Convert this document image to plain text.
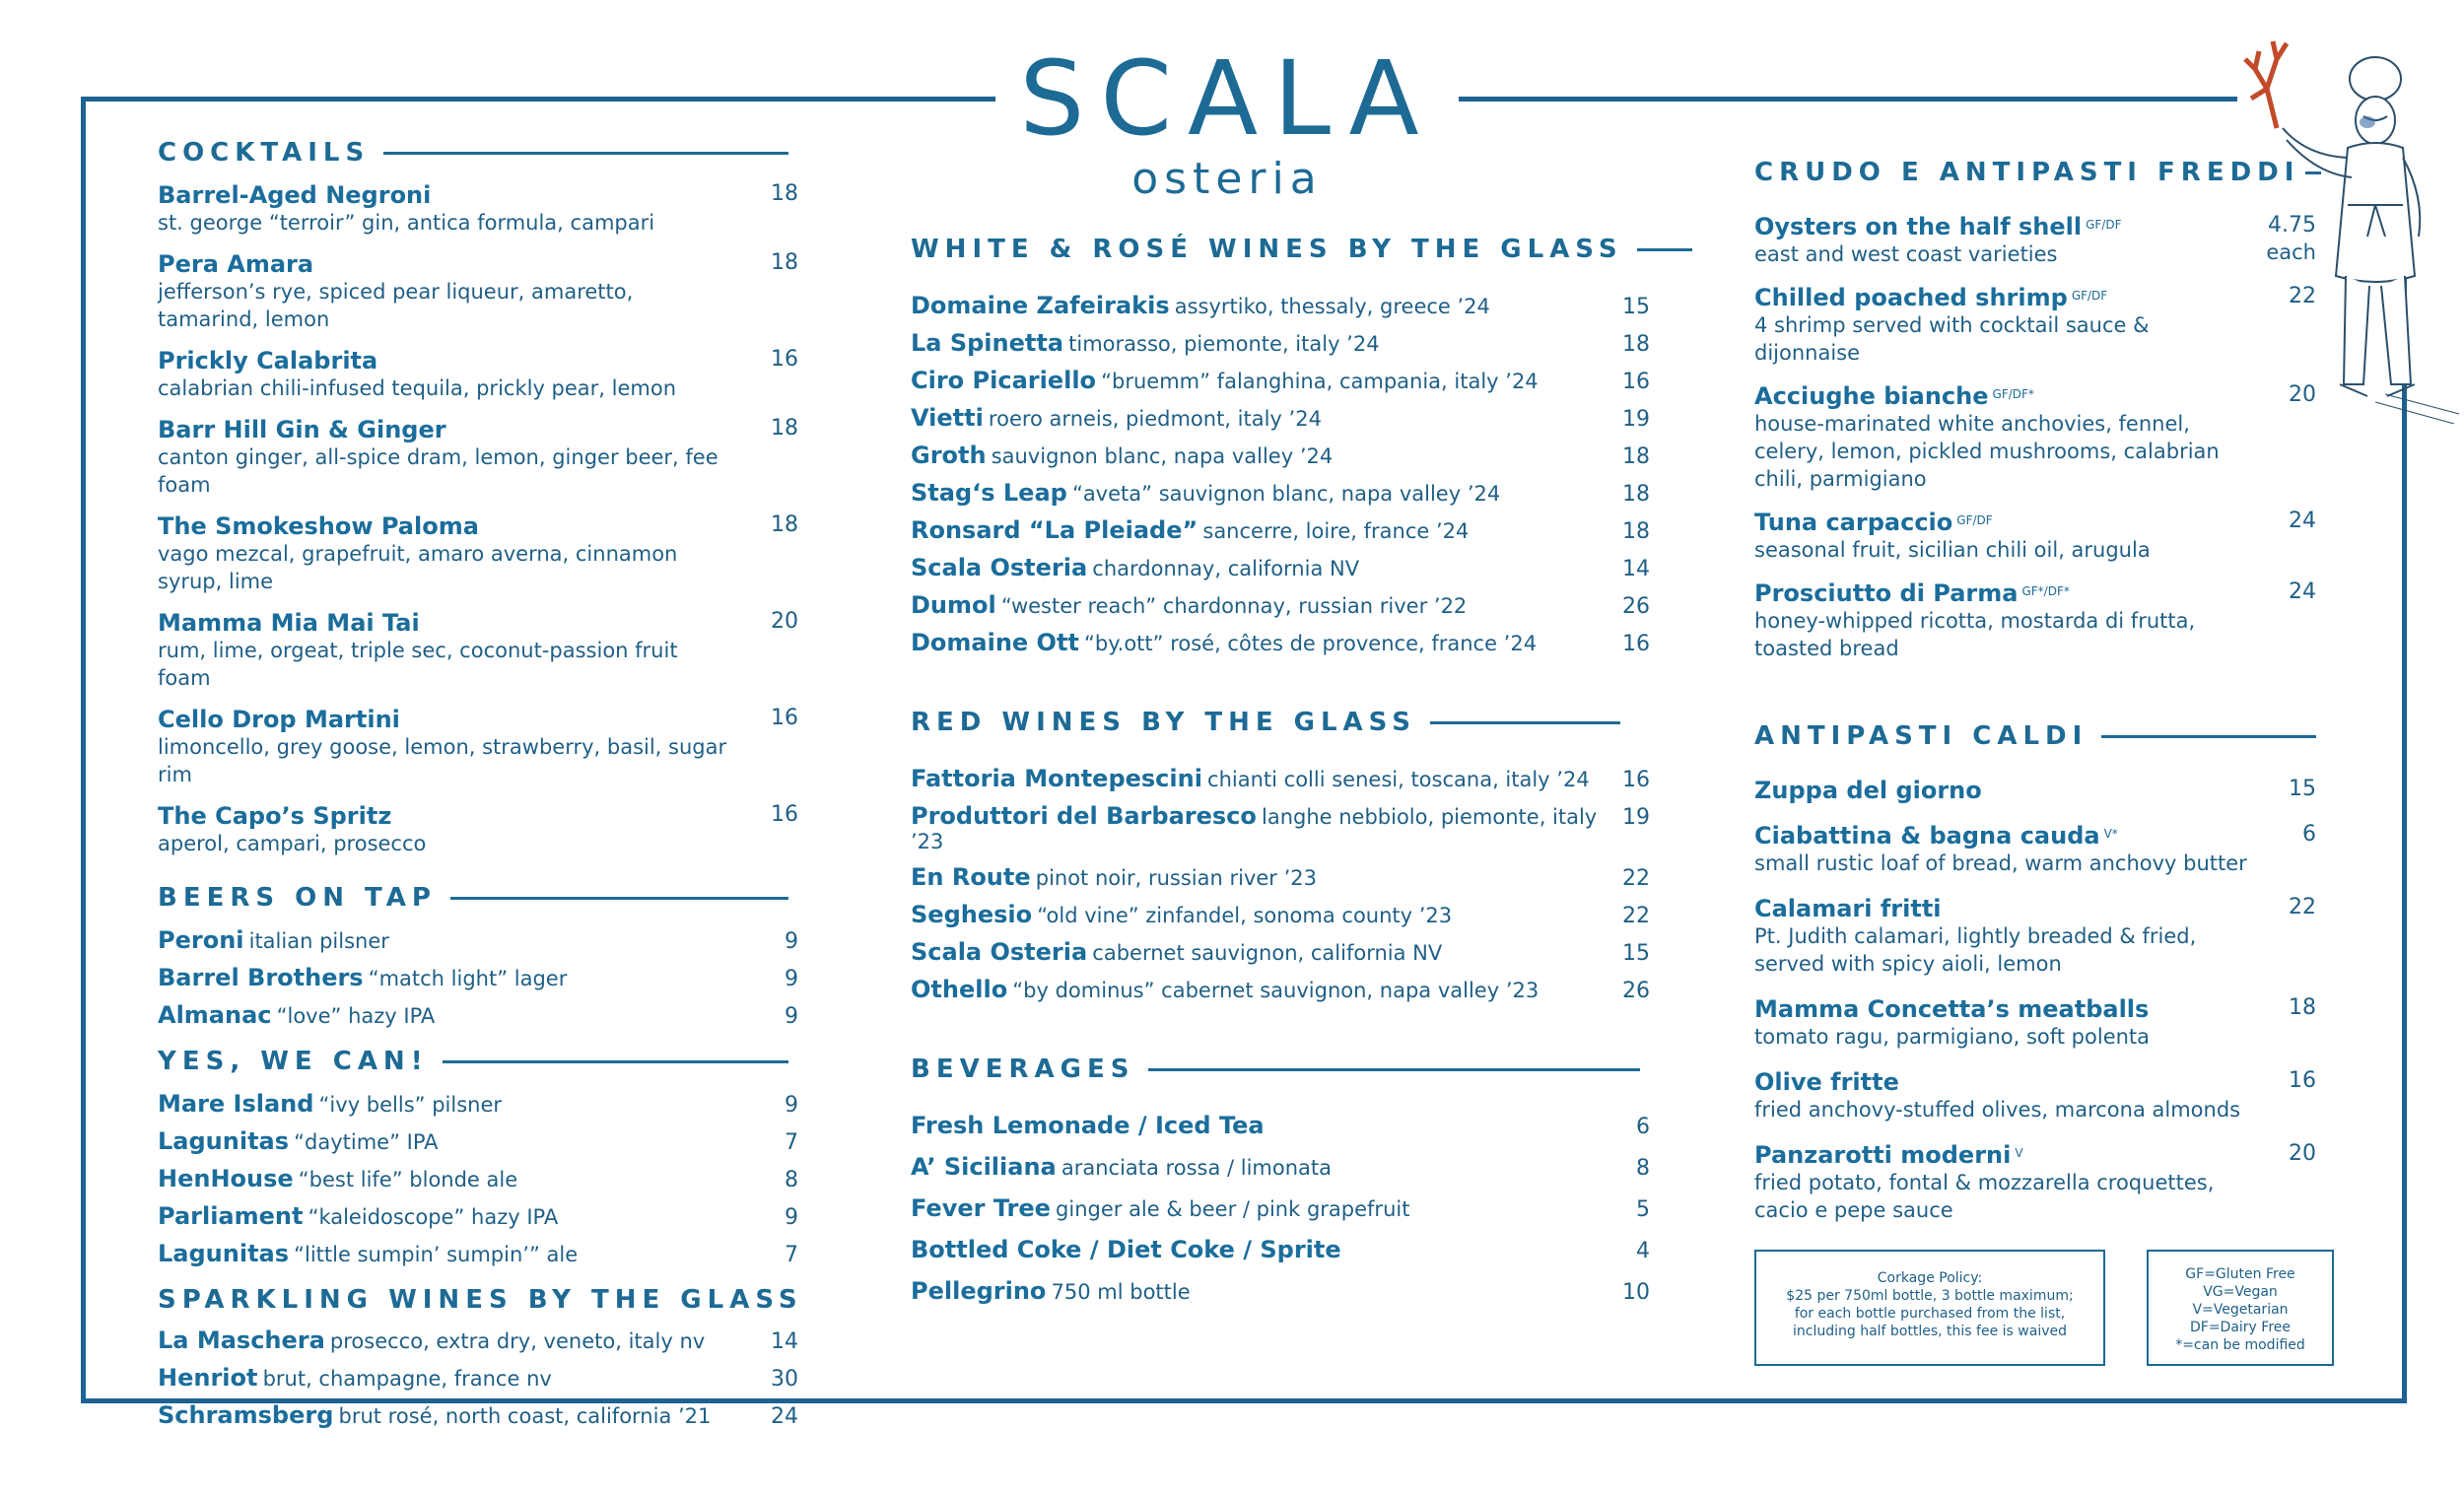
SCALA
osteria
COCKTAILS
Barrel-Aged Negroni
st. george “terroir” gin, antica formula, campari
18
Pera Amara
jefferson’s rye, spiced pear liqueur, amaretto, tamarind, lemon
18
Prickly Calabrita
calabrian chili-infused tequila, prickly pear, lemon
16
Barr Hill Gin & Ginger
canton ginger, all-spice dram, lemon, ginger beer, fee foam
18
The Smokeshow Paloma
vago mezcal, grapefruit, amaro averna, cinnamon syrup, lime
18
Mamma Mia Mai Tai
rum, lime, orgeat, triple sec, coconut-passion fruit foam
20
Cello Drop Martini
limoncello, grey goose, lemon, strawberry, basil, sugar rim
16
The Capo’s Spritz
aperol, campari, prosecco
16
BEERS ON TAP
Peroni italian pilsner	9
Barrel Brothers “match light” lager	9
Almanac “love” hazy IPA	9
YES, WE CAN!
Mare Island “ivy bells” pilsner	9
Lagunitas “daytime” IPA	7
HenHouse “best life” blonde ale	8
Parliament “kaleidoscope” hazy IPA	9
Lagunitas “little sumpin’ sumpin’” ale	7
SPARKLING WINES BY THE GLASS
La Maschera prosecco, extra dry, veneto, italy nv	14
Henriot brut, champagne, france nv	30
Schramsberg brut rosé, north coast, california ’21	24
WHITE & ROSÉ WINES BY THE GLASS
Domaine Zafeirakis assyrtiko, thessaly, greece ’24	15
La Spinetta timorasso, piemonte, italy ’24	18
Ciro Picariello “bruemm” falanghina, campania, italy ’24	16
Vietti roero arneis, piedmont, italy ’24	19
Groth sauvignon blanc, napa valley ’24	18
Stag‘s Leap “aveta” sauvignon blanc, napa valley ’24	18
Ronsard “La Pleiade” sancerre, loire, france ’24	18
Scala Osteria chardonnay, california NV	14
Dumol “wester reach” chardonnay, russian river ’22	26
Domaine Ott “by.ott” rosé, côtes de provence, france ’24	16
RED WINES BY THE GLASS
Fattoria Montepescini chianti colli senesi, toscana, italy ’24 16
Produttori del Barbaresco langhe nebbiolo, piemonte, italy ’23
19
En Route pinot noir, russian river ’23	22
Seghesio “old vine” zinfandel, sonoma county ’23	22
Scala Osteria cabernet sauvignon, california NV	15
Othello “by dominus” cabernet sauvignon, napa valley ’23	26
BEVERAGES
Fresh Lemonade / Iced Tea	6
A’ Siciliana aranciata rossa / limonata	8
Fever Tree ginger ale & beer / pink grapefruit	5
Bottled Coke / Diet Coke / Sprite	4
Pellegrino 750 ml bottle	10
CRUDO E ANTIPASTI FREDDI
Oysters on the half shell $^{GF/DF}$
east and west coast varieties
4.75
each
Chilled poached shrimp $^{GF/DF}$
4 shrimp served with cocktail sauce & dijonnaise
22
Acciughe bianche $^{GF/DF*}$
house-marinated white anchovies, fennel, celery, lemon, pickled mushrooms, calabrian chili, parmigiano
20
Tuna carpaccio $^{GF/DF}$
seasonal fruit, sicilian chili oil, arugula
24
Prosciutto di Parma $^{GF*/DF*}$
honey-whipped ricotta, mostarda di frutta, toasted bread
24
ANTIPASTI CALDI
Zuppa del giorno	15
Ciabattina & bagna cauda $^{V*}$
small rustic loaf of bread, warm anchovy butter
6
Calamari fritti
Pt. Judith calamari, lightly breaded & fried, served with spicy aioli, lemon
22
Mamma Concetta’s meatballs
tomato ragu, parmigiano, soft polenta
18
Olive fritte
fried anchovy-stuffed olives, marcona almonds
16
Panzarotti moderni $^V$
fried potato, fontal & mozzarella croquettes, cacio e pepe sauce
20
Corkage Policy:
$25 per 750ml bottle, 3 bottle maximum;
for each bottle purchased from the list,
including half bottles, this fee is waived
GF=Gluten Free
VG=Vegan
V=Vegetarian
DF=Dairy Free
*=can be modified
